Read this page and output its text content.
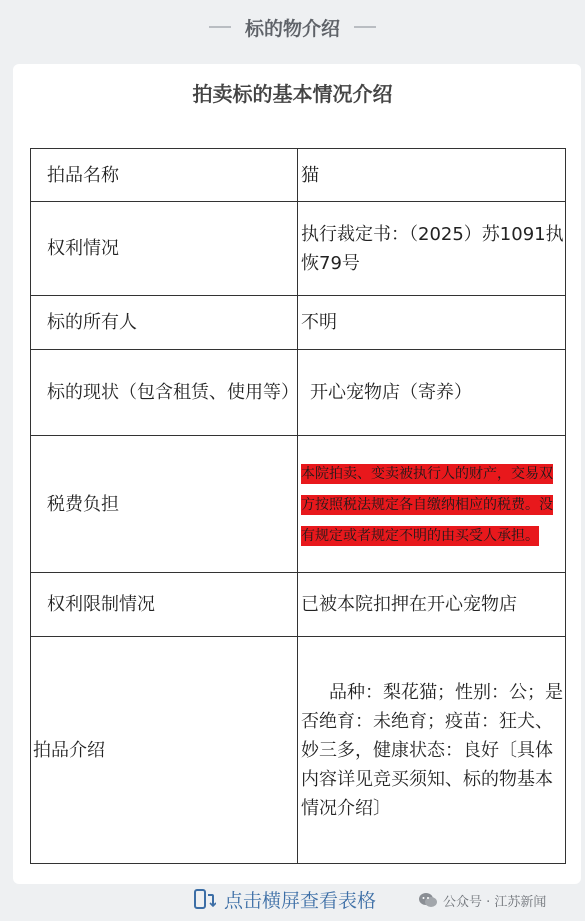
标的物介绍
拍卖标的基本情况介绍
拍品名称	猫
权利情况	执行裁定书：（2025）苏1091执恢79号
标的所有人	不明
标的现状（包含租赁、使用等）	开心宠物店（寄养）
税费负担	本院拍卖、变卖被执行人的财产，交易双方按照税法规定各自缴纳相应的税费。没有规定或者规定不明的由买受人承担。
权利限制情况	已被本院扣押在开心宠物店
拍品介绍	品种：梨花猫；性别：公；是否绝育：未绝育；疫苗：狂犬、妙三多，健康状态：良好〔具体内容详见竞买须知、标的物基本情况介绍〕
点击横屏查看表格	公众号 · 江苏新闻
